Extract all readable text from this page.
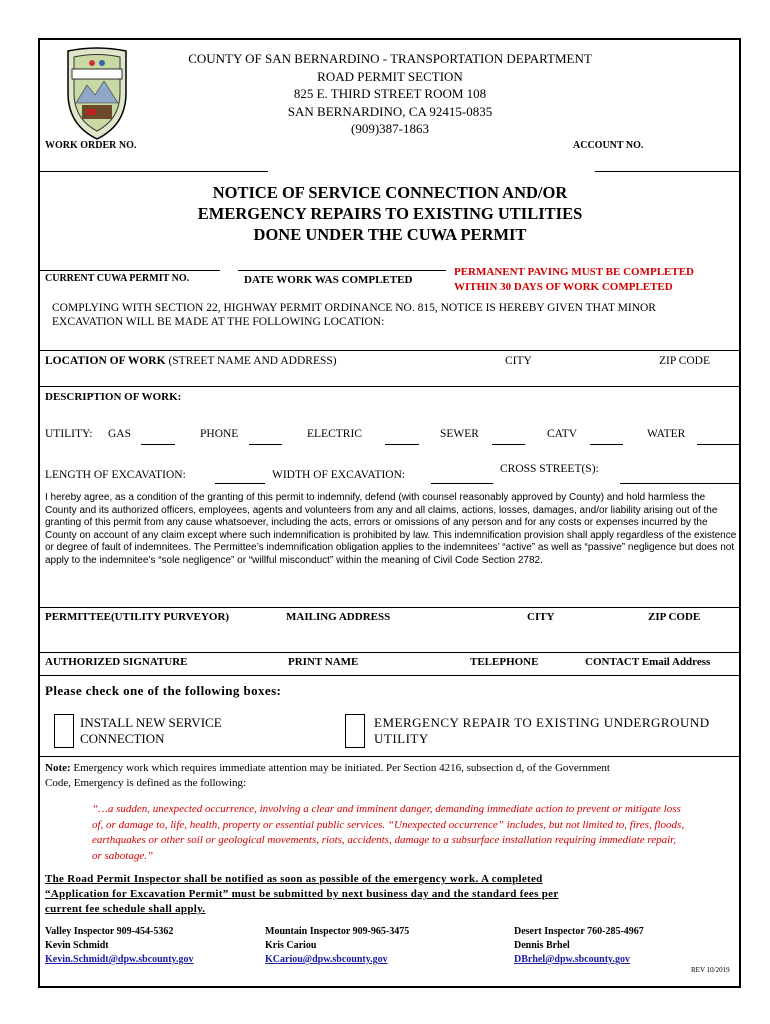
COUNTY OF SAN BERNARDINO - TRANSPORTATION DEPARTMENT
ROAD PERMIT SECTION
825 E. THIRD STREET ROOM 108
SAN BERNARDINO, CA 92415-0835
(909)387-1863
WORK ORDER NO.	ACCOUNT NO.
NOTICE OF SERVICE CONNECTION AND/OR
EMERGENCY REPAIRS TO EXISTING UTILITIES
DONE UNDER THE CUWA PERMIT
CURRENT CUWA PERMIT NO.	DATE WORK WAS COMPLETED
PERMANENT PAVING MUST BE COMPLETED
WITHIN 30 DAYS OF WORK COMPLETED
COMPLYING WITH SECTION 22, HIGHWAY PERMIT ORDINANCE NO. 815, NOTICE IS HEREBY GIVEN THAT MINOR
EXCAVATION WILL BE MADE AT THE FOLLOWING LOCATION:
LOCATION OF WORK (STREET NAME AND ADDRESS)	CITY	ZIP CODE
DESCRIPTION OF WORK:
UTILITY: GAS	PHONE	ELECTRIC	SEWER	CATV	WATER
LENGTH OF EXCAVATION:	WIDTH OF EXCAVATION:	CROSS STREET(S):
I hereby agree, as a condition of the granting of this permit to indemnify, defend (with counsel reasonably approved by County) and hold harmless the County and its authorized officers, employees, agents and volunteers from any and all claims, actions, losses, damages, and/or liability arising out of the granting of this permit from any cause whatsoever, including the acts, errors or omissions of any person and for any costs or expenses incurred by the County on account of any claim except where such indemnification is prohibited by law. This indemnification provision shall apply regardless of the existence or degree of fault of indemnitees. The Permittee’s indemnification obligation applies to the indemnitees’ “active” as well as “passive” negligence but does not apply to the indemnitee’s “sole negligence” or “willful misconduct” within the meaning of Civil Code Section 2782.
PERMITTEE(UTILITY PURVEYOR)	MAILING ADDRESS	CITY	ZIP CODE
AUTHORIZED SIGNATURE	PRINT NAME	TELEPHONE	CONTACT Email Address
Please check one of the following boxes:
INSTALL NEW SERVICE
CONNECTION
EMERGENCY REPAIR TO EXISTING UNDERGROUND
UTILITY
Note: Emergency work which requires immediate attention may be initiated. Per Section 4216, subsection d, of the Government
Code, Emergency is defined as the following:
“…a sudden, unexpected occurrence, involving a clear and imminent danger, demanding immediate action to prevent or mitigate loss of, or damage to, life, health, property or essential public services. “Unexpected occurrence” includes, but not limited to, fires, floods, earthquakes or other soil or geological movements, riots, accidents, damage to a subsurface installation requiring immediate repair, or sabotage.”
The Road Permit Inspector shall be notified as soon as possible of the emergency work. A completed
“Application for Excavation Permit” must be submitted by next business day and the standard fees per
current fee schedule shall apply.
Valley Inspector 909-454-5362
Kevin Schmidt
Kevin.Schmidt@dpw.sbcounty.gov
Mountain Inspector 909-965-3475
Kris Cariou
KCariou@dpw.sbcounty.gov
Desert Inspector 760-285-4967
Dennis Brhel
DBrhel@dpw.sbcounty.gov
REV 10/2019
